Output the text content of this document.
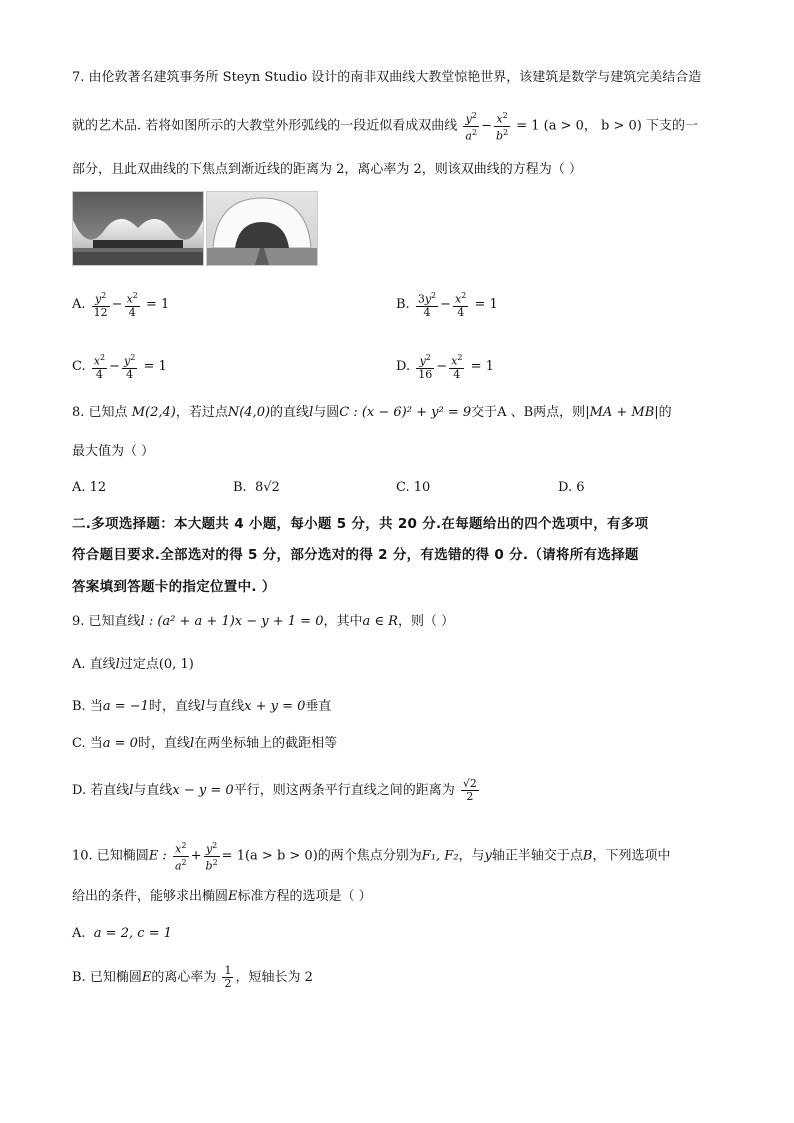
7. 由伦敦著名建筑事务所 Steyn Studio 设计的南非双曲线大教堂惊艳世界，该建筑是数学与建筑完美结合造
就的艺术品. 若将如图所示的大教堂外形弧线的一段近似看成双曲线 $\frac{y^2}{a^2} - \frac{x^2}{b^2} = 1$ (a > 0， b > 0) 下支的一
部分，且此双曲线的下焦点到渐近线的距离为 2，离心率为 2，则该双曲线的方程为（ ）
A. $\frac{y^2}{12} - \frac{x^2}{4} = 1$	B. $\frac{3y^2}{4} - \frac{x^2}{4} = 1$
C. $\frac{x^2}{4} - \frac{y^2}{4} = 1$	D. $\frac{y^2}{16} - \frac{x^2}{4} = 1$
8. 已知点 M(2,4)，若过点N(4,0)的直线l与圆C : (x − 6)² + y² = 9交于A 、B两点，则|MA + MB|的
最大值为（ ）
A. 12	B. 8√2	C. 10	D. 6
二.多项选择题：本大题共 4 小题，每小题 5 分，共 20 分.在每题给出的四个选项中，有多项
符合题目要求.全部选对的得 5 分，部分选对的得 2 分，有选错的得 0 分.（请将所有选择题
答案填到答题卡的指定位置中. ）
9. 已知直线l : (a² + a + 1)x − y + 1 = 0，其中a ∈ R，则（ ）
A. 直线l过定点(0, 1)
B. 当a = −1时，直线l与直线x + y = 0垂直
C. 当a = 0时，直线l在两坐标轴上的截距相等
D. 若直线l与直线x − y = 0平行，则这两条平行直线之间的距离为 $\frac{√2}{2}$
10. 已知椭圆E : $\frac{x^2}{a^2} + \frac{y^2}{b^2} = 1(a > b > 0)$的两个焦点分别为F₁, F₂，与y轴正半轴交于点B，下列选项中
给出的条件，能够求出椭圆E标准方程的选项是（ ）
A. a = 2, c = 1
B. 已知椭圆E的离心率为 $\frac{1}{2}$ ，短轴长为 2
